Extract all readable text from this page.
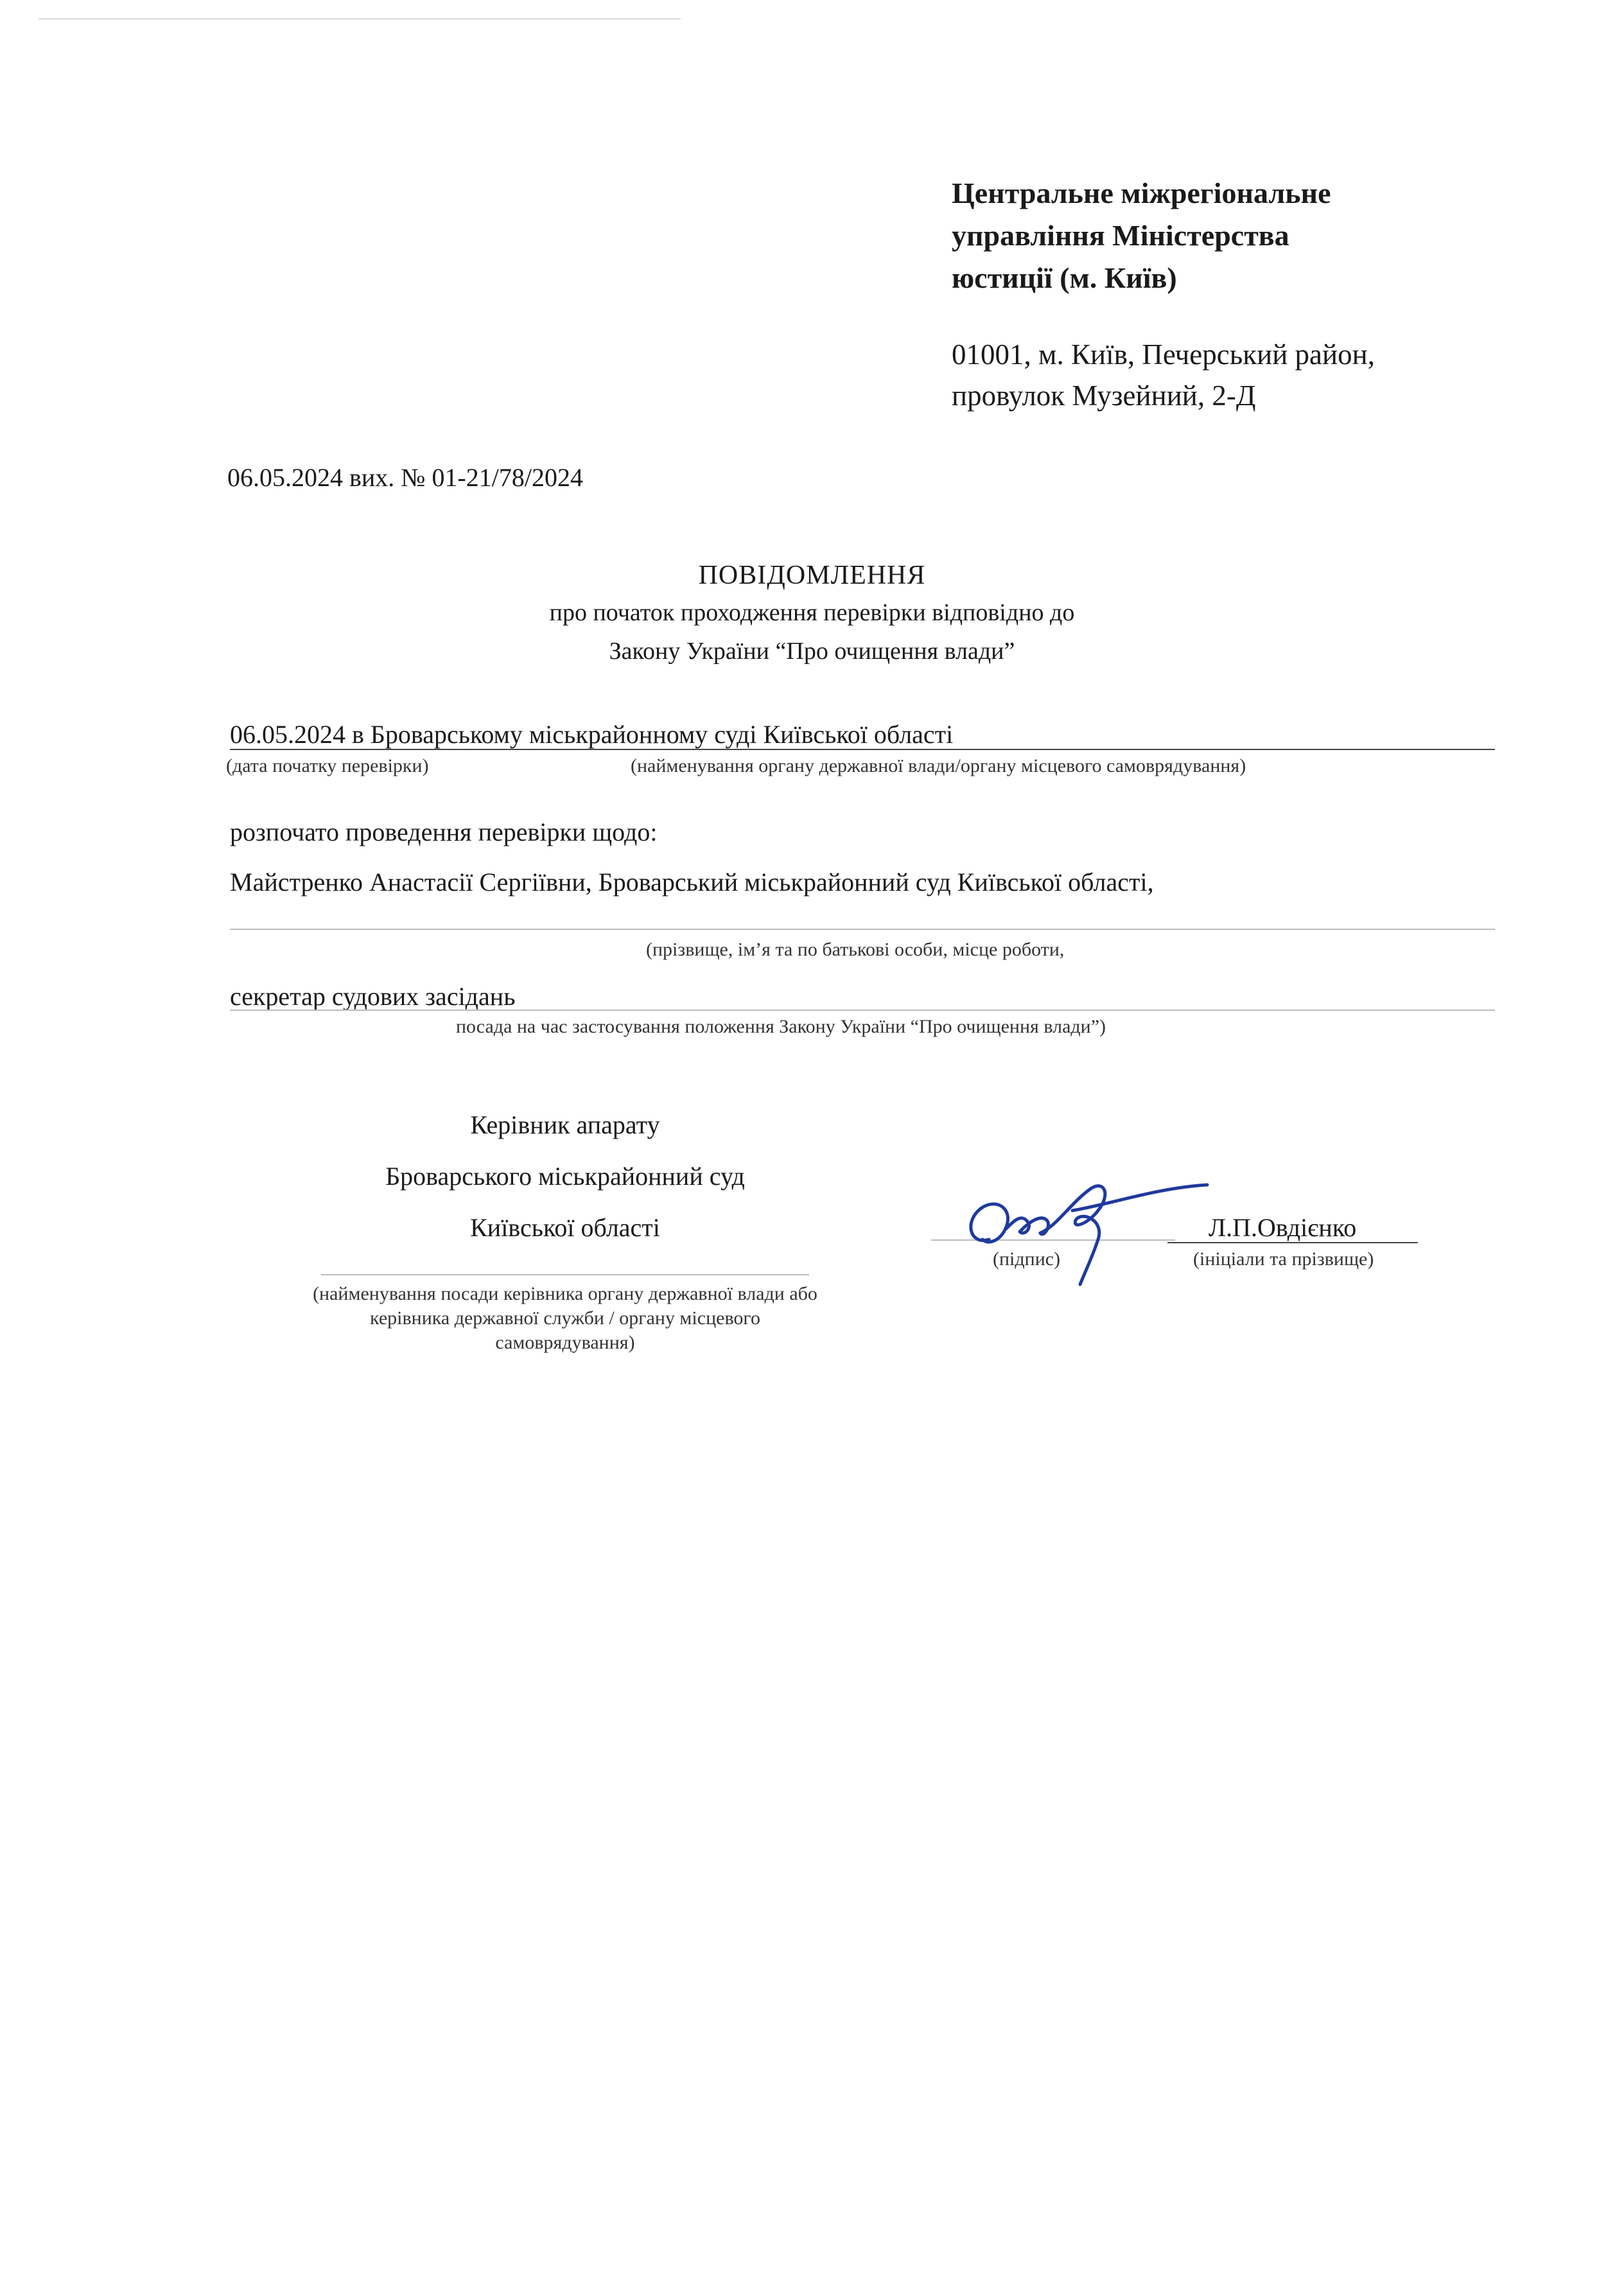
Центральне міжрегіональне
управління Міністерства
юстиції (м. Київ)
01001, м. Київ, Печерський район,
провулок Музейний, 2-Д
06.05.2024 вих. № 01-21/78/2024
ПОВІДОМЛЕННЯ
про початок проходження перевірки відповідно до
Закону України “Про очищення влади”
06.05.2024 в Броварському міськрайонному суді Київської області
(дата початку перевірки)	(найменування органу державної влади/органу місцевого самоврядування)
розпочато проведення перевірки щодо:
Майстренко Анастасії Сергіївни, Броварський міськрайонний суд Київської області,
(прізвище, ім’я та по батькові особи, місце роботи,
секретар судових засідань
посада на час застосування положення Закону України “Про очищення влади”)
Керівник апарату
Броварського міськрайонний суд
Київської області
(найменування посади керівника органу державної влади або
керівника державної служби / органу місцевого
самоврядування)
(підпис)
Л.П.Овдієнко
(ініціали та прізвище)
